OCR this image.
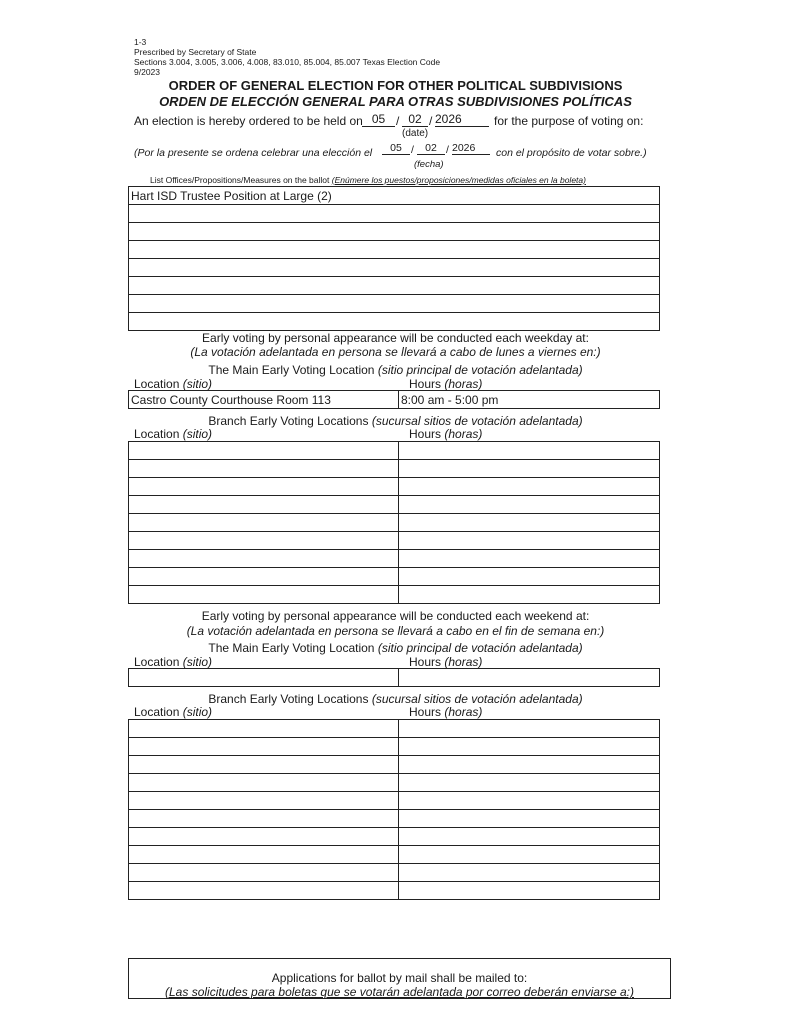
1-3
Prescribed by Secretary of State
Sections 3.004, 3.005, 3.006, 4.008, 83.010, 85.004, 85.007 Texas Election Code
9/2023
ORDER OF GENERAL ELECTION FOR OTHER POLITICAL SUBDIVISIONS
ORDEN DE ELECCIÓN GENERAL PARA OTRAS SUBDIVISIONES POLÍTICAS
An election is hereby ordered to be held on 05 / 02 / 2026	for the purpose of voting on:
(date)
(Por la presente se ordena celebrar una elección el	05 /	02 / 2026	con el propósito de votar sobre.)
(fecha)
List Offices/Propositions/Measures on the ballot (Enúmere los puestos/proposiciones/medidas oficiales en la boleta)
Hart ISD Trustee Position at Large (2)

Early voting by personal appearance will be conducted each weekday at:
(La votación adelantada en persona se llevará a cabo de lunes a viernes en:)
The Main Early Voting Location (sitio principal de votación adelantada)
Location (sitio)	Hours (horas)
Castro County Courthouse Room 113	8:00 am - 5:00 pm
Branch Early Voting Locations (sucursal sitios de votación adelantada)
Location (sitio)	Hours (horas)

Early voting by personal appearance will be conducted each weekend at:
(La votación adelantada en persona se llevará a cabo en el fin de semana en:)
The Main Early Voting Location (sitio principal de votación adelantada)
Location (sitio)	Hours (horas)

Branch Early Voting Locations (sucursal sitios de votación adelantada)
Location (sitio)	Hours (horas)

Applications for ballot by mail shall be mailed to:
(Las solicitudes para boletas que se votarán adelantada por correo deberán enviarse a:)
